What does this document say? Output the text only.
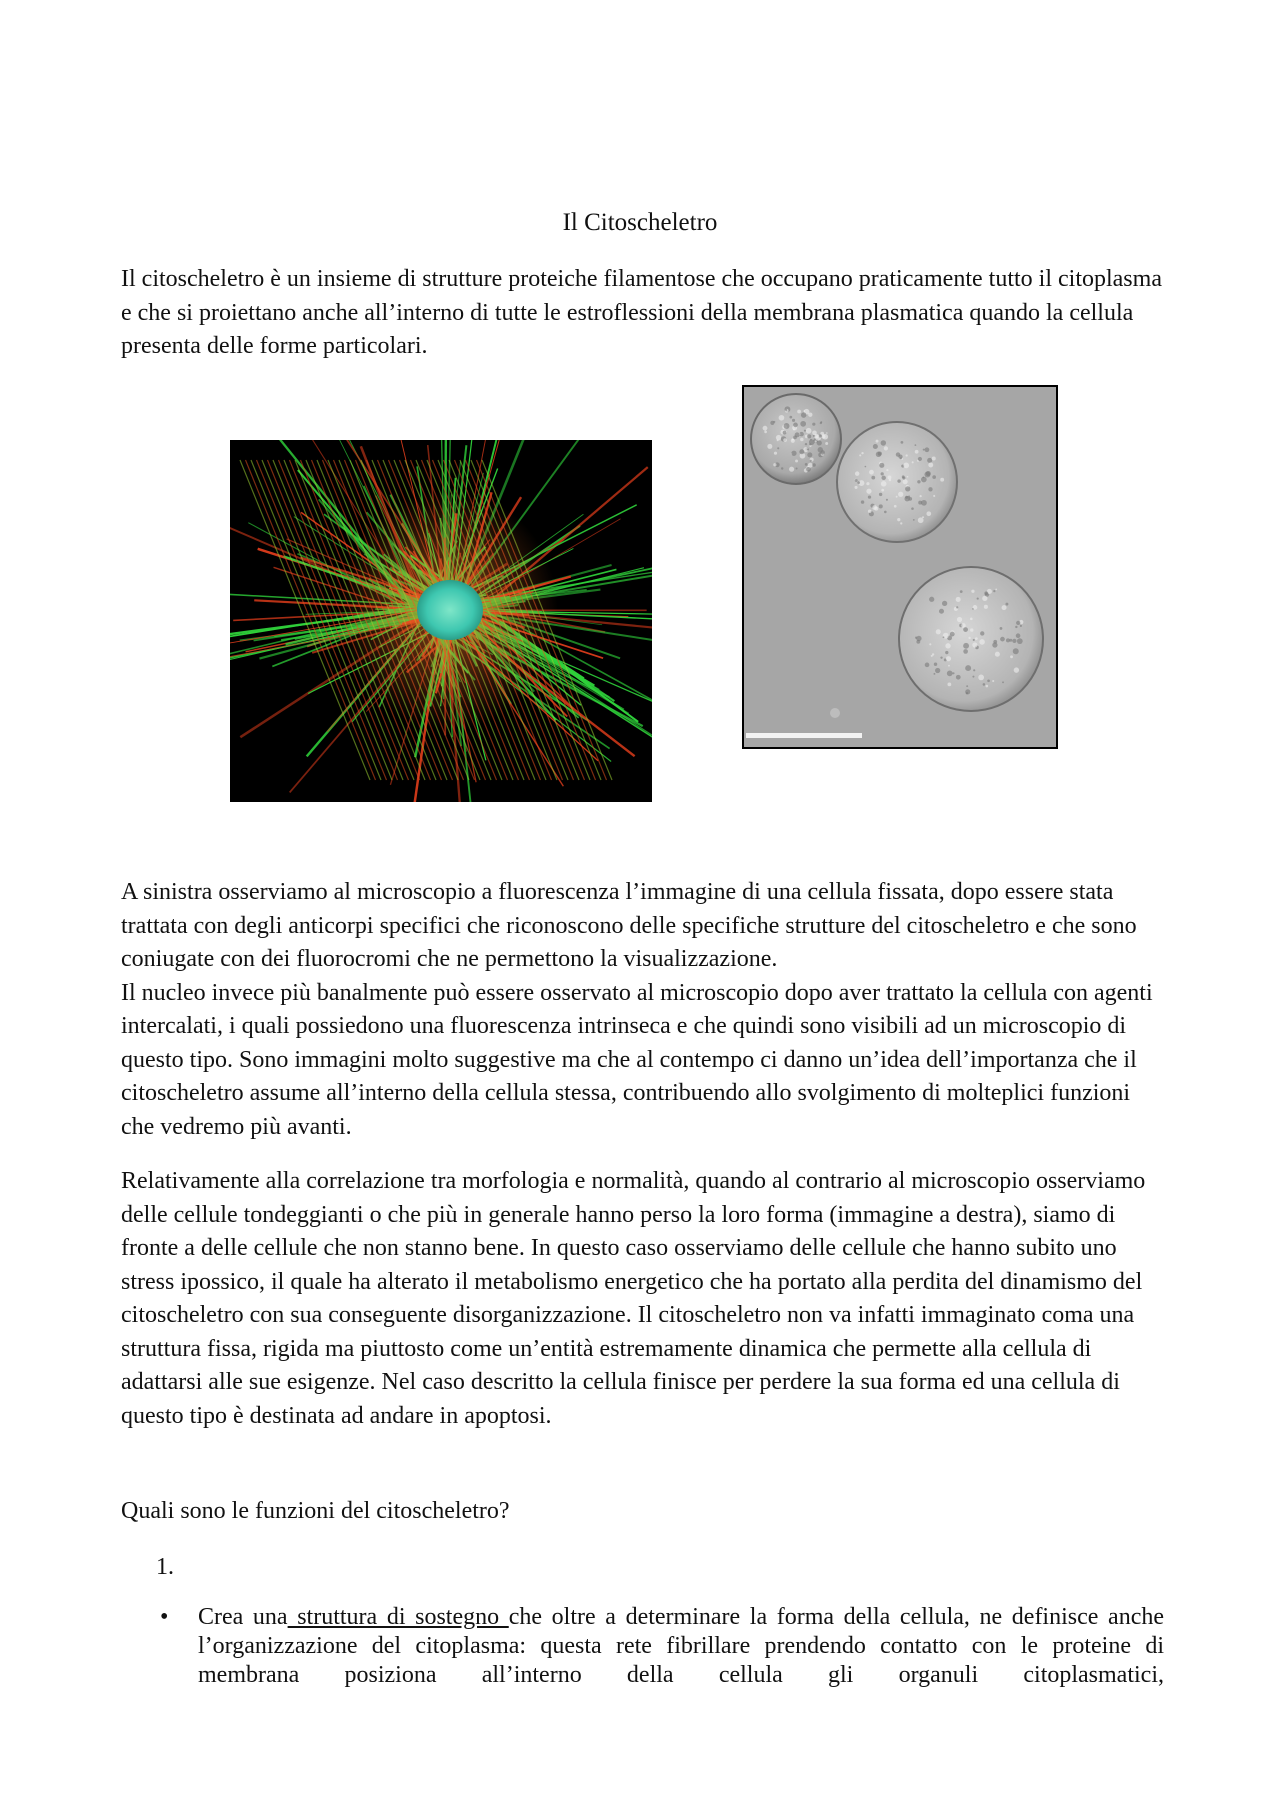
Il Citoscheletro

Il citoscheletro è un insieme di strutture proteiche filamentose che occupano praticamente tutto il citoplasma e che si proiettano anche all’interno di tutte le estroflessioni della membrana plasmatica quando la cellula presenta delle forme particolari.

A sinistra osserviamo al microscopio a fluorescenza l’immagine di una cellula fissata, dopo essere stata trattata con degli anticorpi specifici che riconoscono delle specifiche strutture del citoscheletro e che sono coniugate con dei fluorocromi che ne permettono la visualizzazione.
Il nucleo invece più banalmente può essere osservato al microscopio dopo aver trattato la cellula con agenti intercalati, i quali possiedono una fluorescenza intrinseca e che quindi sono visibili ad un microscopio di questo tipo. Sono immagini molto suggestive ma che al contempo ci danno un’idea dell’importanza che il citoscheletro assume all’interno della cellula stessa, contribuendo allo svolgimento di molteplici funzioni che vedremo più avanti.

Relativamente alla correlazione tra morfologia e normalità, quando al contrario al microscopio osserviamo delle cellule tondeggianti o che più in generale hanno perso la loro forma (immagine a destra), siamo di fronte a delle cellule che non stanno bene. In questo caso osserviamo delle cellule che hanno subito uno stress ipossico, il quale ha alterato il metabolismo energetico che ha portato alla perdita del dinamismo del citoscheletro con sua conseguente disorganizzazione. Il citoscheletro non va infatti immaginato coma una struttura fissa, rigida ma piuttosto come un’entità estremamente dinamica che permette alla cellula di adattarsi alle sue esigenze. Nel caso descritto la cellula finisce per perdere la sua forma ed una cellula di questo tipo è destinata ad andare in apoptosi.

Quali sono le funzioni del citoscheletro?

1.

• Crea una struttura di sostegno che oltre a determinare la forma della cellula, ne definisce anche l’organizzazione del citoplasma: questa rete fibrillare prendendo contatto con le proteine di membrana posiziona all’interno della cellula gli organuli citoplasmatici,
